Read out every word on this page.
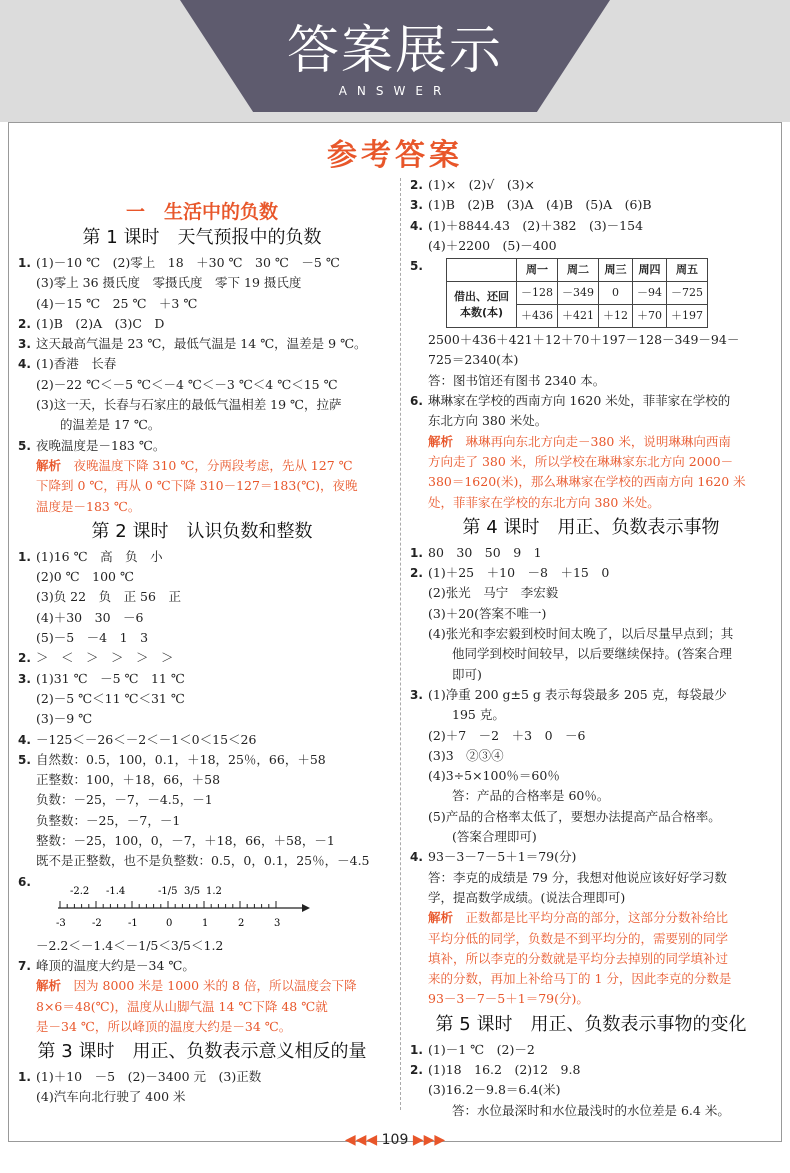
答案展示
ANSWER
参考答案
一　 生活中的负数
第 1 课时　天气预报中的负数
1. (1)－10 ℃　(2)零上　18　＋30 ℃　30 ℃　－5 ℃
(3)零上 36 摄氏度　零摄氏度　零下 19 摄氏度
(4)－15 ℃　25 ℃　＋3 ℃
2. (1)B　(2)A　(3)C　D
3. 这天最高气温是 23 ℃，最低气温是 14 ℃，温差是 9 ℃。
4. (1)香港　长春
(2)－22 ℃＜－5 ℃＜－4 ℃＜－3 ℃＜4 ℃＜15 ℃
(3)这一天，长春与石家庄的最低气温相差 19 ℃，拉萨
的温差是 17 ℃。
5. 夜晚温度是－183 ℃。
解析　 夜晚温度下降 310 ℃，分两段考虑，先从 127 ℃
下降到 0 ℃，再从 0 ℃下降 310－127＝183(℃)，夜晚
温度是－183 ℃。
第 2 课时　认识负数和整数
1. (1)16 ℃　高　负　小
(2)0 ℃　100 ℃
(3)负 22　负　正 56　正
(4)＋30　30　－6
(5)－5　－4　1　3
2. ＞　＜　＞　＞　＞　＞
3. (1)31 ℃　－5 ℃　11 ℃
(2)－5 ℃＜11 ℃＜31 ℃
(3)－9 ℃
4. －125＜－26＜－2＜－1＜0＜15＜26
5. 自然数：0.5，100，0.1，＋18，25％，66，＋58
正整数：100，＋18，66，＋58
负数：－25，－7，－4.5，－1
负整数：－25，－7，－1
整数：－25，100，0，－7，＋18，66，＋58，－1
既不是正整数，也不是负整数：0.5，0，0.1，25％，－4.5
6.
-2.2 -1.4	-1/5 3/5 1.2
-3	-2	-1	0	1	2	3
－2.2＜－1.4＜－1/5＜3/5＜1.2
7. 峰顶的温度大约是－34 ℃。
解析　 因为 8000 米是 1000 米的 8 倍，所以温度会下降
8×6＝48(℃)，温度从山脚气温 14 ℃下降 48 ℃就
是－34 ℃，所以峰顶的温度大约是－34 ℃。
第 3 课时　用正、负数表示意义相反的量
1. (1)＋10　－5　(2)－3400 元　(3)正数
(4)汽车向北行驶了 400 米
2. (1)×　(2)√　(3)×
3. (1)B　(2)B　(3)A　(4)B　(5)A　(6)B
4. (1)＋8844.43　(2)＋382　(3)－154
(4)＋2200　(5)－400
5.
		周一	周二	周三	周四	周五
借出、还回本数(本)	－128	－349	0	－94	－725
	＋436	＋421	＋12	＋70	＋197
2500＋436＋421＋12＋70＋197－128－349－94－
725＝2340(本)
答：图书馆还有图书 2340 本。
6. 琳琳家在学校的西南方向 1620 米处，菲菲家在学校的
东北方向 380 米处。
解析　 琳琳再向东北方向走－380 米，说明琳琳向西南
方向走了 380 米，所以学校在琳琳家东北方向 2000－
380＝1620(米)，那么琳琳家在学校的西南方向 1620 米
处，菲菲家在学校的东北方向 380 米处。
第 4 课时　用正、负数表示事物
1. 80　30　50　9　1
2. (1)＋25　＋10　－8　＋15　0
(2)张光　马宁　李宏毅
(3)＋20(答案不唯一)
(4)张光和李宏毅到校时间太晚了，以后尽量早点到；其
他同学到校时间较早，以后要继续保持。(答案合理
即可)
3. (1)净重 200 g±5 g 表示每袋最多 205 克，每袋最少
195 克。
(2)＋7　－2　＋3　0　－6
(3)3　②③④
(4)3÷5×100％＝60％
答：产品的合格率是 60％。
(5)产品的合格率太低了，要想办法提高产品合格率。
(答案合理即可)
4. 93－3－7－5＋1＝79(分)
答：李克的成绩是 79 分，我想对他说应该好好学习数
学，提高数学成绩。(说法合理即可)
解析　 正数都是比平均分高的部分，这部分分数补给比
平均分低的同学，负数是不到平均分的，需要别的同学
填补，所以李克的分数就是平均分去掉别的同学填补过
来的分数，再加上补给马丁的 1 分，因此李克的分数是
93－3－7－5＋1＝79(分)。
第 5 课时　用正、负数表示事物的变化
1. (1)－1 ℃　(2)－2
2. (1)18　16.2　(2)12　9.8
(3)16.2－9.8＝6.4(米)
答：水位最深时和水位最浅时的水位差是 6.4 米。
◀◀◀ 109 ▶▶▶
